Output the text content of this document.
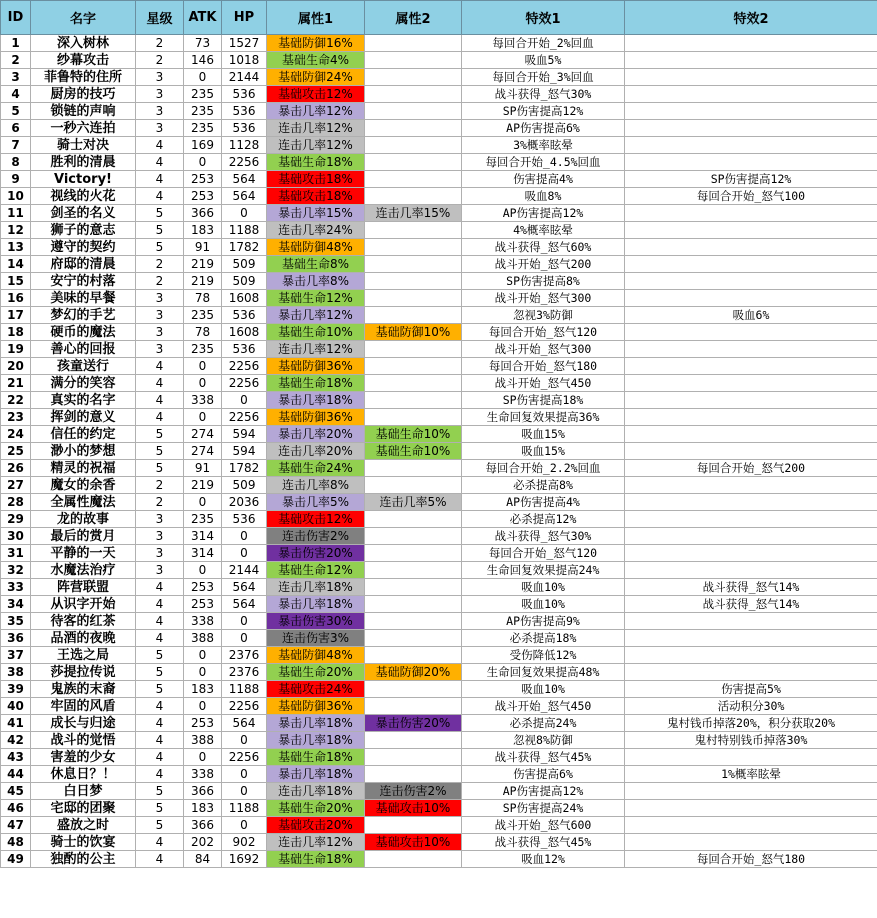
ID	名字	星级	ATK	HP	属性1	属性2	特效1	特效2
1	深入树林	2	73	1527	基础防御16%		每回合开始_2%回血	
2	纱幕攻击	2	146	1018	基础生命4%		吸血5%	
3	菲鲁特的住所	3	0	2144	基础防御24%		每回合开始_3%回血	
4	厨房的技巧	3	235	536	基础攻击12%		战斗获得_怒气30%	
5	锁链的声响	3	235	536	暴击几率12%		SP伤害提高12%	
6	一秒六连拍	3	235	536	连击几率12%		AP伤害提高6%	
7	骑士对决	4	169	1128	连击几率12%		3%概率眩晕	
8	胜利的清晨	4	0	2256	基础生命18%		每回合开始_4.5%回血	
9	Victory!	4	253	564	基础攻击18%		伤害提高4%	SP伤害提高12%
10	视线的火花	4	253	564	基础攻击18%		吸血8%	每回合开始_怒气100
11	剑圣的名义	5	366	0	暴击几率15%	连击几率15%	AP伤害提高12%	
12	狮子的意志	5	183	1188	连击几率24%		4%概率眩晕	
13	遵守的契约	5	91	1782	基础防御48%		战斗获得_怒气60%	
14	府邸的清晨	2	219	509	基础生命8%		战斗开始_怒气200	
15	安宁的村落	2	219	509	暴击几率8%		SP伤害提高8%	
16	美味的早餐	3	78	1608	基础生命12%		战斗开始_怒气300	
17	梦幻的手艺	3	235	536	暴击几率12%		忽视3%防御	吸血6%
18	硬币的魔法	3	78	1608	基础生命10%	基础防御10%	每回合开始_怒气120	
19	善心的回报	3	235	536	连击几率12%		战斗开始_怒气300	
20	孩童送行	4	0	2256	基础防御36%		每回合开始_怒气180	
21	满分的笑容	4	0	2256	基础生命18%		战斗开始_怒气450	
22	真实的名字	4	338	0	暴击几率18%		SP伤害提高18%	
23	挥剑的意义	4	0	2256	基础防御36%		生命回复效果提高36%	
24	信任的约定	5	274	594	暴击几率20%	基础生命10%	吸血15%	
25	渺小的梦想	5	274	594	连击几率20%	基础生命10%	吸血15%	
26	精灵的祝福	5	91	1782	基础生命24%		每回合开始_2.2%回血	每回合开始_怒气200
27	魔女的余香	2	219	509	连击几率8%		必杀提高8%	
28	全属性魔法	2	0	2036	暴击几率5%	连击几率5%	AP伤害提高4%	
29	龙的故事	3	235	536	基础攻击12%		必杀提高12%	
30	最后的赏月	3	314	0	连击伤害2%		战斗获得_怒气30%	
31	平静的一天	3	314	0	暴击伤害20%		每回合开始_怒气120	
32	水魔法治疗	3	0	2144	基础生命12%		生命回复效果提高24%	
33	阵营联盟	4	253	564	连击几率18%		吸血10%	战斗获得_怒气14%
34	从识字开始	4	253	564	暴击几率18%		吸血10%	战斗获得_怒气14%
35	待客的红茶	4	338	0	暴击伤害30%		AP伤害提高9%	
36	品酒的夜晚	4	388	0	连击伤害3%		必杀提高18%	
37	王选之局	5	0	2376	基础防御48%		受伤降低12%	
38	莎提拉传说	5	0	2376	基础生命20%	基础防御20%	生命回复效果提高48%	
39	鬼族的末裔	5	183	1188	基础攻击24%		吸血10%	伤害提高5%
40	牢固的风盾	4	0	2256	基础防御36%		战斗开始_怒气450	活动积分30%
41	成长与归途	4	253	564	暴击几率18%	暴击伤害20%	必杀提高24%	鬼村钱币掉落20%，积分获取20%
42	战斗的觉悟	4	388	0	暴击几率18%		忽视8%防御	鬼村特别钱币掉落30%
43	害羞的少女	4	0	2256	基础生命18%		战斗获得_怒气45%	
44	休息日？！	4	338	0	暴击几率18%		伤害提高6%	1%概率眩晕
45	白日梦	5	366	0	连击几率18%	连击伤害2%	AP伤害提高12%	
46	宅邸的团聚	5	183	1188	基础生命20%	基础攻击10%	SP伤害提高24%	
47	盛放之时	5	366	0	基础攻击20%		战斗开始_怒气600	
48	骑士的饮宴	4	202	902	连击几率12%	基础攻击10%	战斗获得_怒气45%	
49	独酌的公主	4	84	1692	基础生命18%		吸血12%	每回合开始_怒气180
